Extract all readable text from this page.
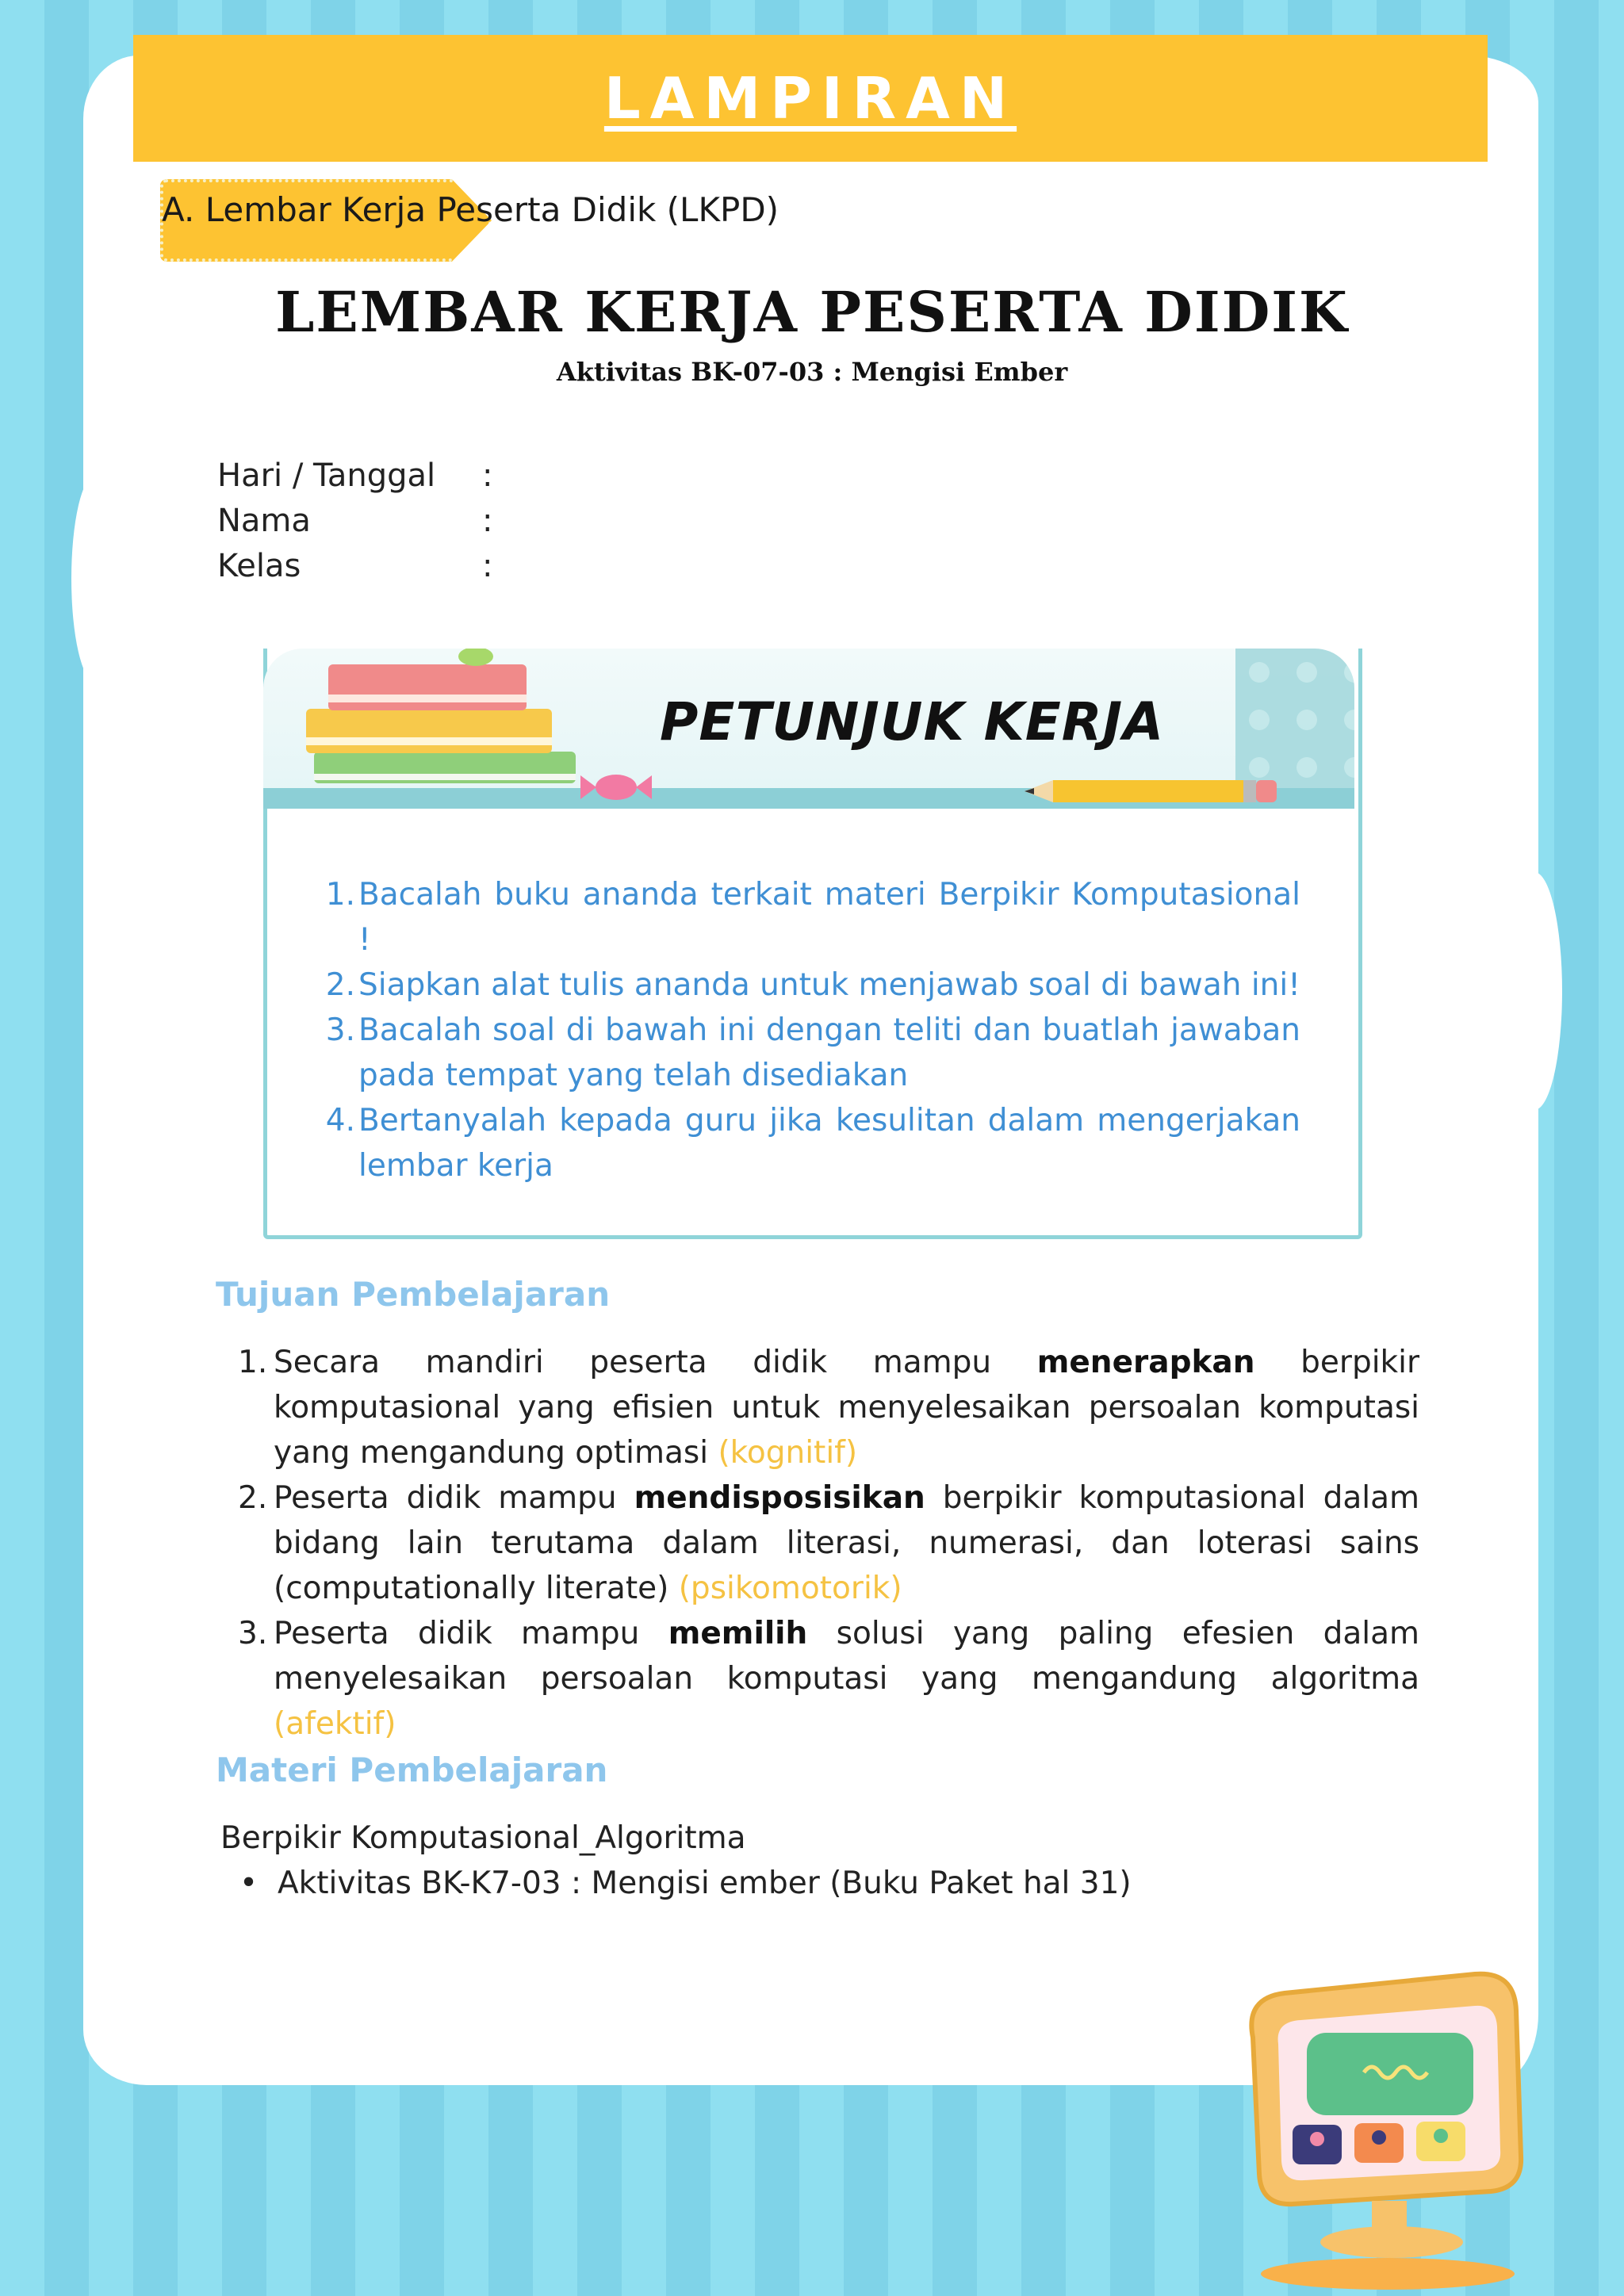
LAMPIRAN
A. Lembar Kerja Peserta Didik (LKPD)
LEMBAR KERJA PESERTA DIDIK
Aktivitas BK-07-03 : Mengisi Ember
Hari / Tanggal	:
Nama	:
Kelas	:
PETUNJUK KERJA
1. Bacalah buku ananda terkait materi Berpikir Komputasional !
2. Siapkan alat tulis ananda untuk menjawab soal di bawah ini!
3. Bacalah soal di bawah ini dengan teliti dan buatlah jawaban pada tempat yang telah disediakan
4. Bertanyalah kepada guru jika kesulitan dalam mengerjakan lembar kerja
Tujuan Pembelajaran
1. Secara mandiri peserta didik mampu menerapkan berpikir komputasional yang efisien untuk menyelesaikan persoalan komputasi yang mengandung optimasi (kognitif)
2. Peserta didik mampu mendisposisikan berpikir komputasional dalam bidang lain terutama dalam literasi, numerasi, dan loterasi sains (computationally literate) (psikomotorik)
3. Peserta didik mampu memilih solusi yang paling efesien dalam menyelesaikan persoalan komputasi yang mengandung algoritma (afektif)
Materi Pembelajaran
Berpikir Komputasional_Algoritma
• Aktivitas BK-K7-03 : Mengisi ember (Buku Paket hal 31)
